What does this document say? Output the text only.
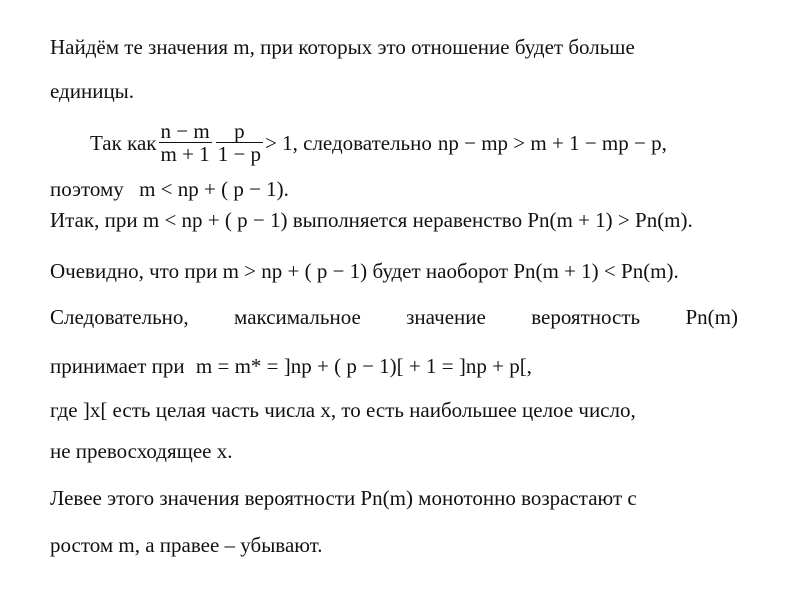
Найдём те значения m, при которых это отношение будет больше
единицы.
Так как $\frac{n - m}{m + 1} \frac{p}{1 - p} > 1$, следовательно np − mp > m + 1 − mp − p,
поэтому m < np + ( p − 1).
Итак, при m < np + ( p − 1) выполняется неравенство Pn(m + 1) > Pn(m).
Очевидно, что при m > np + ( p − 1) будет наоборот Pn(m + 1) < Pn(m).
Следовательно, максимальное значение вероятность Pn(m)
принимает при m = m* = ]np + ( p − 1)[ + 1 = ]np + p[,
где ]x[ есть целая часть числа x, то есть наибольшее целое число,
не превосходящее x.
Левее этого значения вероятности Pn(m) монотонно возрастают с
ростом m, а правее – убывают.
